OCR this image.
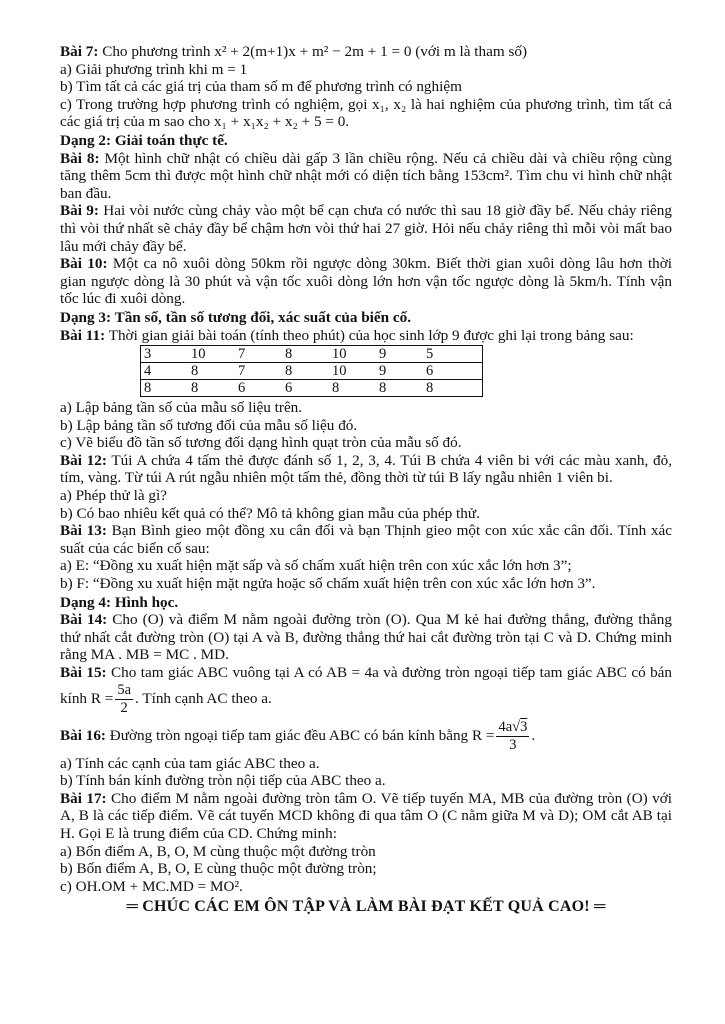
Bài 7: Cho phương trình x² + 2(m+1)x + m² − 2m + 1 = 0 (với m là tham số)

a) Giải phương trình khi m = 1

b) Tìm tất cả các giá trị của tham số m để phương trình có nghiệm

c) Trong trường hợp phương trình có nghiệm, gọi x₁, x₂ là hai nghiệm của phương trình, tìm tất cả các giá trị của m sao cho x₁ + x₁x₂ + x₂ + 5 = 0.

Dạng 2: Giải toán thực tế.

Bài 8: Một hình chữ nhật có chiều dài gấp 3 lần chiều rộng. Nếu cả chiều dài và chiều rộng cùng tăng thêm 5cm thì được một hình chữ nhật mới có diện tích bằng 153cm². Tìm chu vi hình chữ nhật ban đầu.

Bài 9: Hai vòi nước cùng chảy vào một bể cạn chưa có nước thì sau 18 giờ đầy bể. Nếu chảy riêng thì vòi thứ nhất sẽ chảy đầy bể chậm hơn vòi thứ hai 27 giờ. Hỏi nếu chảy riêng thì mỗi vòi mất bao lâu mới chảy đầy bể.

Bài 10: Một ca nô xuôi dòng 50km rồi ngược dòng 30km. Biết thời gian xuôi dòng lâu hơn thời gian ngược dòng là 30 phút và vận tốc xuôi dòng lớn hơn vận tốc ngược dòng là 5km/h. Tính vận tốc lúc đi xuôi dòng.

Dạng 3: Tần số, tần số tương đối, xác suất của biến cố.

Bài 11: Thời gian giải bài toán (tính theo phút) của học sinh lớp 9 được ghi lại trong bảng sau:

3	10	7	8	10	9	5
4	8	7	8	10	9	6
8	8	6	6	8	8	8

a) Lập bảng tần số của mẫu số liệu trên.

b) Lập bảng tần số tương đối của mẫu số liệu đó.

c) Vẽ biểu đồ tần số tương đối dạng hình quạt tròn của mẫu số đó.

Bài 12: Túi A chứa 4 tấm thẻ được đánh số 1, 2, 3, 4. Túi B chứa 4 viên bi với các màu xanh, đỏ, tím, vàng. Từ túi A rút ngẫu nhiên một tấm thẻ, đồng thời từ túi B lấy ngẫu nhiên 1 viên bi.

a) Phép thử là gì?

b) Có bao nhiêu kết quả có thể? Mô tả không gian mẫu của phép thử.

Bài 13: Bạn Bình gieo một đồng xu cân đối và bạn Thịnh gieo một con xúc xắc cân đối. Tính xác suất của các biến cố sau:

a) E: “Đồng xu xuất hiện mặt sấp và số chấm xuất hiện trên con xúc xắc lớn hơn 3”;

b) F: “Đồng xu xuất hiện mặt ngửa hoặc số chấm xuất hiện trên con xúc xắc lớn hơn 3”.

Dạng 4: Hình học.

Bài 14: Cho (O) và điểm M nằm ngoài đường tròn (O). Qua M kẻ hai đường thẳng, đường thẳng thứ nhất cắt đường tròn (O) tại A và B, đường thẳng thứ hai cắt đường tròn tại C và D. Chứng minh rằng MA . MB = MC . MD.

Bài 15: Cho tam giác ABC vuông tại A có AB = 4a và đường tròn ngoại tiếp tam giác ABC có bán kính $R = \frac{5a}{2}$ . Tính cạnh AC theo a.

Bài 16: Đường tròn ngoại tiếp tam giác đều ABC có bán kính bằng $R = \frac{4a√3}{3}$ .

a) Tính các cạnh của tam giác ABC theo a.

b) Tính bán kính đường tròn nội tiếp của ABC theo a.

Bài 17: Cho điểm M nằm ngoài đường tròn tâm O. Vẽ tiếp tuyến MA, MB của đường tròn (O) với A, B là các tiếp điểm. Vẽ cát tuyến MCD không đi qua tâm O (C nằm giữa M và D); OM cắt AB tại H. Gọi E là trung điểm của CD. Chứng minh:

a) Bốn điểm A, B, O, M cùng thuộc một đường tròn

b) Bốn điểm A, B, O, E cùng thuộc một đường tròn;

c) OH.OM + MC.MD = MO².

═ CHÚC CÁC EM ÔN TẬP VÀ LÀM BÀI ĐẠT KẾT QUẢ CAO! ═
